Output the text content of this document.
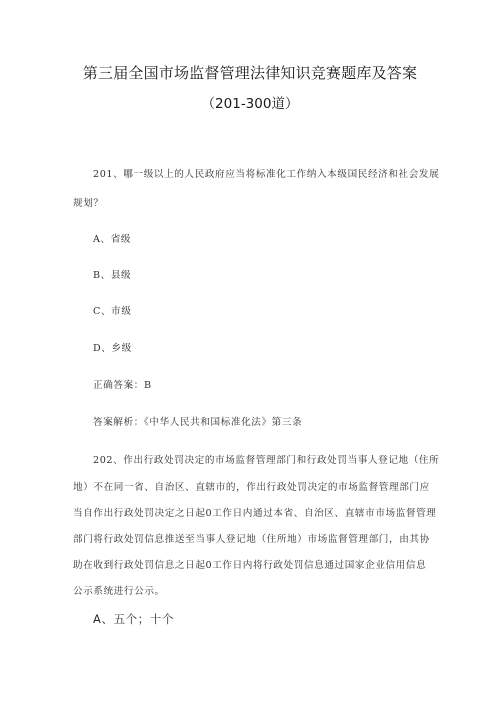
第三届全国市场监督管理法律知识竞赛题库及答案
（201-300道）
201、哪一级以上的人民政府应当将标准化工作纳入本级国民经济和社会发展
规划？
A、省级
B、县级
C、市级
D、乡级
正确答案：B
答案解析：《中华人民共和国标准化法》第三条
202、作出行政处罚决定的市场监督管理部门和行政处罚当事人登记地（住所
地）不在同一省、自治区、直辖市的，作出行政处罚决定的市场监督管理部门应
当自作出行政处罚决定之日起0工作日内通过本省、自治区、直辖市市场监督管理
部门将行政处罚信息推送至当事人登记地（住所地）市场监督管理部门，由其协
助在收到行政处罚信息之日起0工作日内将行政处罚信息通过国家企业信用信息
公示系统进行公示。
A、五个；十个
